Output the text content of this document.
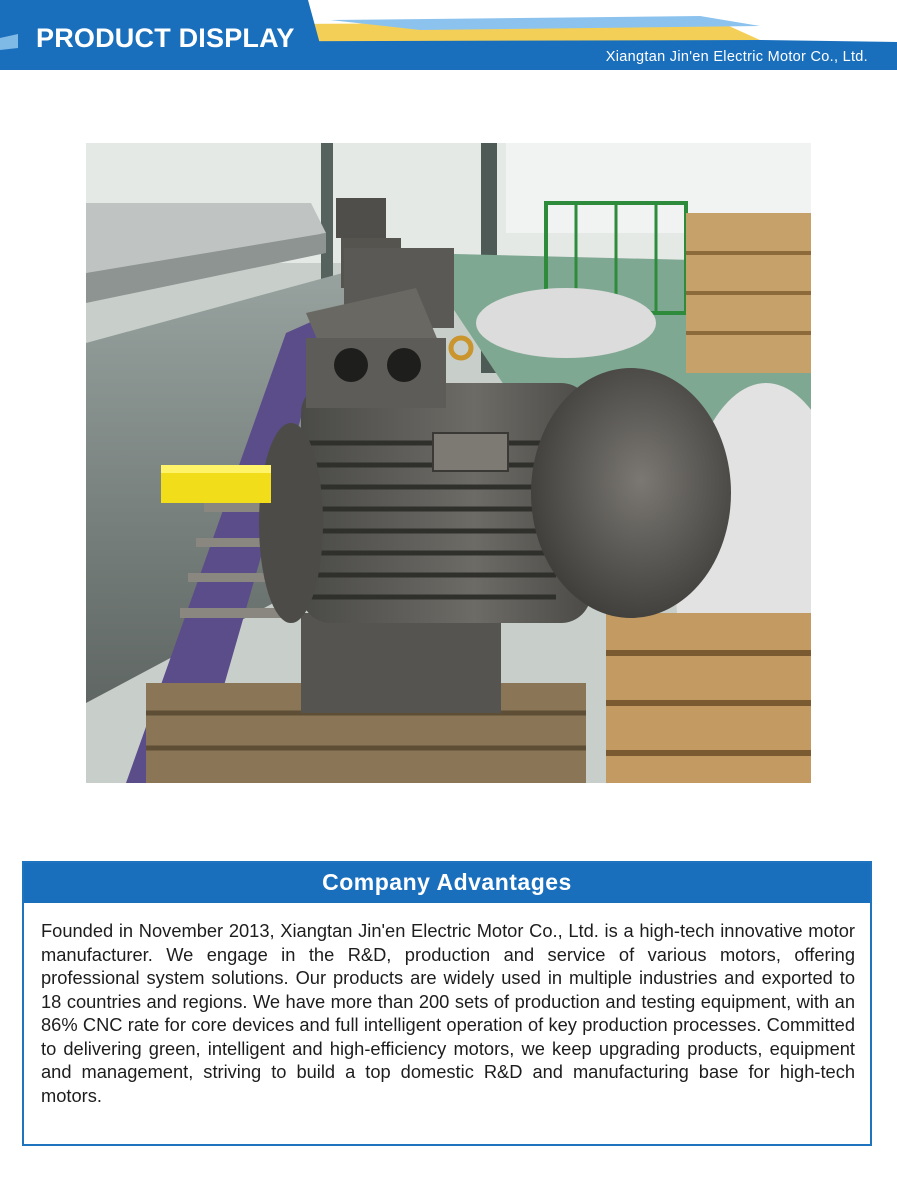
PRODUCT DISPLAY
Xiangtan Jin'en Electric Motor Co., Ltd.
Company Advantages

Founded in November 2013, Xiangtan Jin'en Electric Motor Co., Ltd. is a high-tech innovative motor manufacturer. We engage in the R&D, production and service of various motors, offering professional system solutions. Our products are widely used in multiple industries and exported to 18 countries and regions. We have more than 200 sets of production and testing equipment, with an 86% CNC rate for core devices and full intelligent operation of key production processes. Committed to delivering green, intelligent and high-efficiency motors, we keep upgrading products, equipment and management, striving to build a top domestic R&D and manufacturing base for high-tech motors.
